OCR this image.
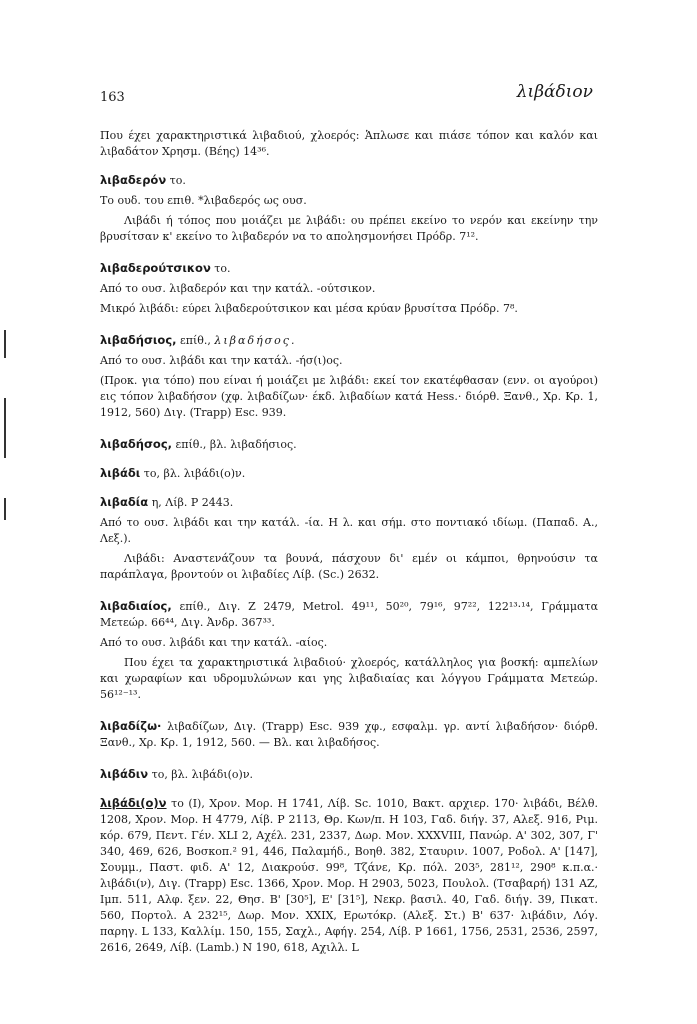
163	λιβάδιον

Που έχει χαρακτηριστικά λιβαδιού, χλοερός: Ἁπλωσε και πιάσε τόπον και καλόν και λιβαδάτον Χρησμ. (Βέης) 14³⁶.

λιβαδερόν το.

Το ουδ. του επιθ. *λιβαδερός ως ουσ.

Λιβάδι ή τόπος που μοιάζει με λιβάδι: ου πρέπει εκείνο το νερόν και εκείνην την βρυσίτσαν κ' εκείνο το λιβαδερόν να το απολησμονήσει Πρόδρ. 7¹².

λιβαδερούτσικον το.

Από το ουσ. λιβαδερόν και την κατάλ. -ούτσικον.

Μικρό λιβάδι: εύρει λιβαδερούτσικον και μέσα κρύαν βρυσίτσα Πρόδρ. 7⁸.

λιβαδήσιος, επίθ., λιβαδήσος.

Από το ουσ. λιβάδι και την κατάλ. -ήσ(ι)ος.

(Προκ. για τόπο) που είναι ή μοιάζει με λιβάδι: εκεί τον εκατέφθασαν (ενν. οι αγούροι) εις τόπον λιβαδήσον (χφ. λιβαδίζων· έκδ. λιβαδίων κατά Hess.· διόρθ. Ξανθ., Χρ. Κρ. 1, 1912, 560) Διγ. (Trapp) Esc. 939.

λιβαδήσος, επίθ., βλ. λιβαδήσιος.

λιβάδι το, βλ. λιβάδι(ο)ν.

λιβαδία η, Λίβ. P 2443.

Από το ουσ. λιβάδι και την κατάλ. -ία. Η λ. και σήμ. στο ποντιακό ιδίωμ. (Παπαδ. Α., Λεξ.).

Λιβάδι: Αναστενάζουν τα βουνά, πάσχουν δι' εμέν οι κάμποι, θρηνούσιν τα παράπλαγα, βροντούν οι λιβαδίες Λίβ. (Sc.) 2632.

λιβαδιαίος, επίθ., Διγ. Z 2479, Metrol. 49¹¹, 50²⁰, 79¹⁶, 97²², 122¹³·¹⁴, Γράμματα Μετεώρ. 66⁴⁴, Διγ. Ἀνδρ. 367³³.

Από το ουσ. λιβάδι και την κατάλ. -αίος.

Που έχει τα χαρακτηριστικά λιβαδιού· χλοερός, κατάλληλος για βοσκή: αμπελίων και χωραφίων και υδρομυλώνων και γης λιβαδιαίας και λόγγου Γράμματα Μετεώρ. 56¹²⁻¹³.

λιβαδίζω· λιβαδίζων, Διγ. (Trapp) Esc. 939 χφ., εσφαλμ. γρ. αντί λιβαδήσον· διόρθ. Ξανθ., Χρ. Κρ. 1, 1912, 560. — Βλ. και λιβαδήσος.

λιβάδιν το, βλ. λιβάδι(ο)ν.

λιβάδι(ο)ν το (Ι), Χρον. Μορ. H 1741, Λίβ. Sc. 1010, Βακτ. αρχιερ. 170· λιβάδι, Βέλθ. 1208, Χρον. Μορ. H 4779, Λίβ. P 2113, Θρ. Κων/π. H 103, Γαδ. διήγ. 37, Αλεξ. 916, Ριμ. κόρ. 679, Πεντ. Γέν. XLI 2, Αχέλ. 231, 2337, Δωρ. Μον. XXXVIII, Πανώρ. Α' 302, 307, Γ' 340, 469, 626, Βοσκοπ.² 91, 446, Παλαμήδ., Βοηθ. 382, Σταυριν. 1007, Ροδολ. Α' [147], Σουμμ., Παστ. φιδ. Α' 12, Διακρούσ. 99⁸, Τζάνε, Κρ. πόλ. 203⁵, 281¹², 290⁸ κ.π.α.· λιβάδι(ν), Διγ. (Trapp) Esc. 1366, Χρον. Μορ. H 2903, 5023, Πουλολ. (Τσαβαρή) 131 AZ, Ιμπ. 511, Αλφ. ξεν. 22, Θησ. Β' [30⁵], Ε' [31⁵], Νεκρ. βασιλ. 40, Γαδ. διήγ. 39, Πικατ. 560, Πορτολ. A 232¹⁵, Δωρ. Μον. XXIX, Ερωτόκρ. (Αλεξ. Στ.) Β' 637· λιβάδιν, Λόγ. παρηγ. L 133, Καλλίμ. 150, 155, Σαχλ., Αφήγ. 254, Λίβ. P 1661, 1756, 2531, 2536, 2597, 2616, 2649, Λίβ. (Lamb.) N 190, 618, Αχιλλ. L
